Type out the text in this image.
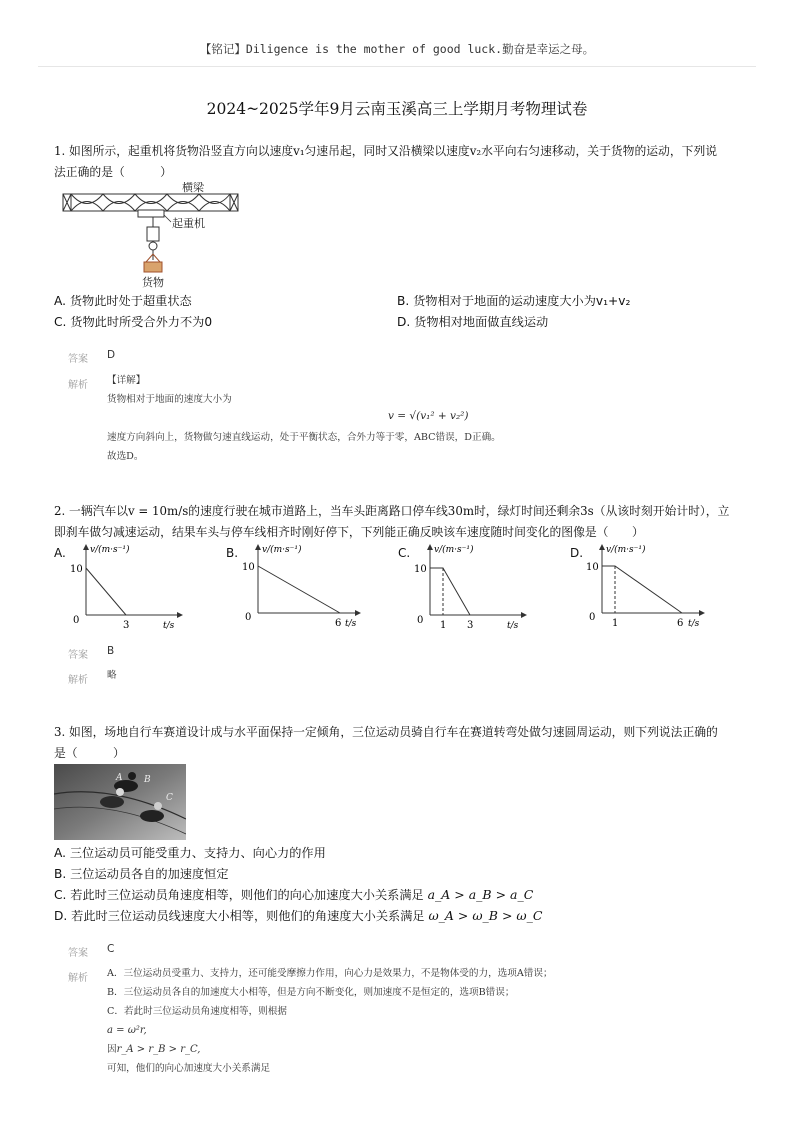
【铭记】Diligence is the mother of good luck.勤奋是幸运之母。
2024~2025学年9月云南玉溪高三上学期月考物理试卷
1. 如图所示，起重机将货物沿竖直方向以速度v₁匀速吊起，同时又沿横梁以速度v₂水平向右匀速移动，关于货物的运动，下列说
法正确的是（　　　）
横梁
起重机
货物
A. 货物此时处于超重状态	B. 货物相对于地面的运动速度大小为v₁+v₂
C. 货物此时所受合外力不为0	D. 货物相对地面做直线运动
答案 D
解析 【详解】
货物相对于地面的速度大小为
v = √(v₁² + v₂²)
速度方向斜向上，货物做匀速直线运动，处于平衡状态，合外力等于零，ABC错误，D正确。
故选D。
2. 一辆汽车以v = 10m/s的速度行驶在城市道路上，当车头距离路口停车线30m时，绿灯时间还剩余3s（从该时刻开始计时），立
即刹车做匀减速运动，结果车头与停车线相齐时刚好停下，下列能正确反映该车速度随时间变化的图像是（　　）
A.	v/(m·s⁻¹)
10
0	3	t/s
B.	v/(m·s⁻¹)
10
0
6 t/s
C.	v/(m·s⁻¹)
10
0 1 3	t/s
D.	v/(m·s⁻¹)
10
0
1	6 t/s
答案 B
解析 略
3. 如图，场地自行车赛道设计成与水平面保持一定倾角，三位运动员骑自行车在赛道转弯处做匀速圆周运动，则下列说法正确的
是（　　　）
B
A
C
A. 三位运动员可能受重力、支持力、向心力的作用
B. 三位运动员各自的加速度恒定
C. 若此时三位运动员角速度相等，则他们的向心加速度大小关系满足 a_A > a_B > a_C
D. 若此时三位运动员线速度大小相等，则他们的角速度大小关系满足 ω_A > ω_B > ω_C
答案 C
解析 A．三位运动员受重力、支持力，还可能受摩擦力作用，向心力是效果力，不是物体受的力，选项A错误；
B．三位运动员各自的加速度大小相等，但是方向不断变化，则加速度不是恒定的，选项B错误；
C．若此时三位运动员角速度相等，则根据
a = ω²r,
因r_A > r_B > r_C,
可知，他们的向心加速度大小关系满足
